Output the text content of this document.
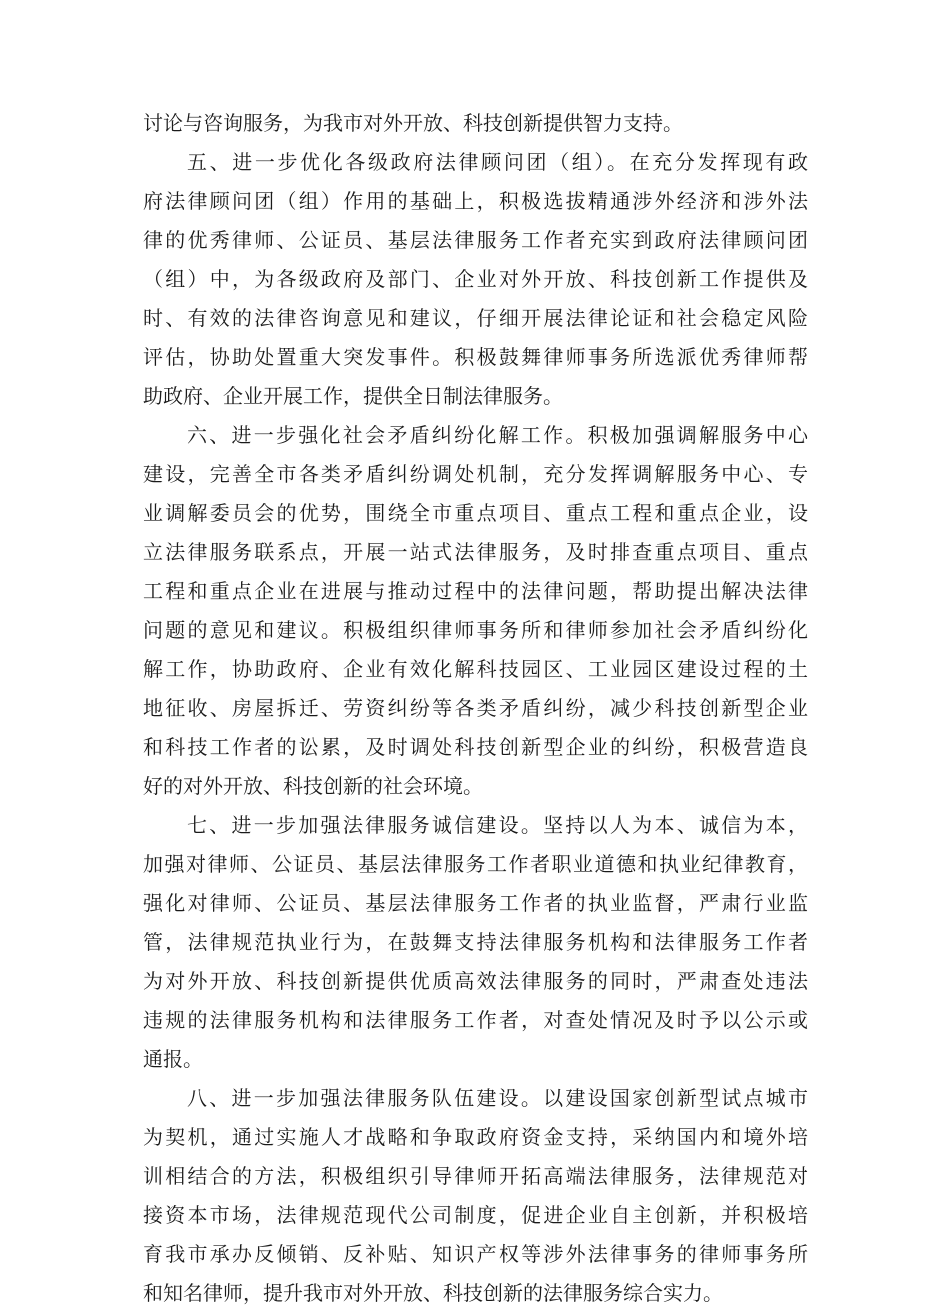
讨论与咨询服务，为我市对外开放、科技创新提供智力支持。
五、进一步优化各级政府法律顾问团（组）。在充分发挥现有政
府法律顾问团（组）作用的基础上，积极选拔精通涉外经济和涉外法
律的优秀律师、公证员、基层法律服务工作者充实到政府法律顾问团
（组）中，为各级政府及部门、企业对外开放、科技创新工作提供及
时、有效的法律咨询意见和建议，仔细开展法律论证和社会稳定风险
评估，协助处置重大突发事件。积极鼓舞律师事务所选派优秀律师帮
助政府、企业开展工作，提供全日制法律服务。
六、进一步强化社会矛盾纠纷化解工作。积极加强调解服务中心
建设，完善全市各类矛盾纠纷调处机制，充分发挥调解服务中心、专
业调解委员会的优势，围绕全市重点项目、重点工程和重点企业，设
立法律服务联系点，开展一站式法律服务，及时排查重点项目、重点
工程和重点企业在进展与推动过程中的法律问题，帮助提出解决法律
问题的意见和建议。积极组织律师事务所和律师参加社会矛盾纠纷化
解工作，协助政府、企业有效化解科技园区、工业园区建设过程的土
地征收、房屋拆迁、劳资纠纷等各类矛盾纠纷，减少科技创新型企业
和科技工作者的讼累，及时调处科技创新型企业的纠纷，积极营造良
好的对外开放、科技创新的社会环境。
七、进一步加强法律服务诚信建设。坚持以人为本、诚信为本，
加强对律师、公证员、基层法律服务工作者职业道德和执业纪律教育，
强化对律师、公证员、基层法律服务工作者的执业监督，严肃行业监
管，法律规范执业行为，在鼓舞支持法律服务机构和法律服务工作者
为对外开放、科技创新提供优质高效法律服务的同时，严肃查处违法
违规的法律服务机构和法律服务工作者，对查处情况及时予以公示或
通报。
八、进一步加强法律服务队伍建设。以建设国家创新型试点城市
为契机，通过实施人才战略和争取政府资金支持，采纳国内和境外培
训相结合的方法，积极组织引导律师开拓高端法律服务，法律规范对
接资本市场，法律规范现代公司制度，促进企业自主创新，并积极培
育我市承办反倾销、反补贴、知识产权等涉外法律事务的律师事务所
和知名律师，提升我市对外开放、科技创新的法律服务综合实力。
